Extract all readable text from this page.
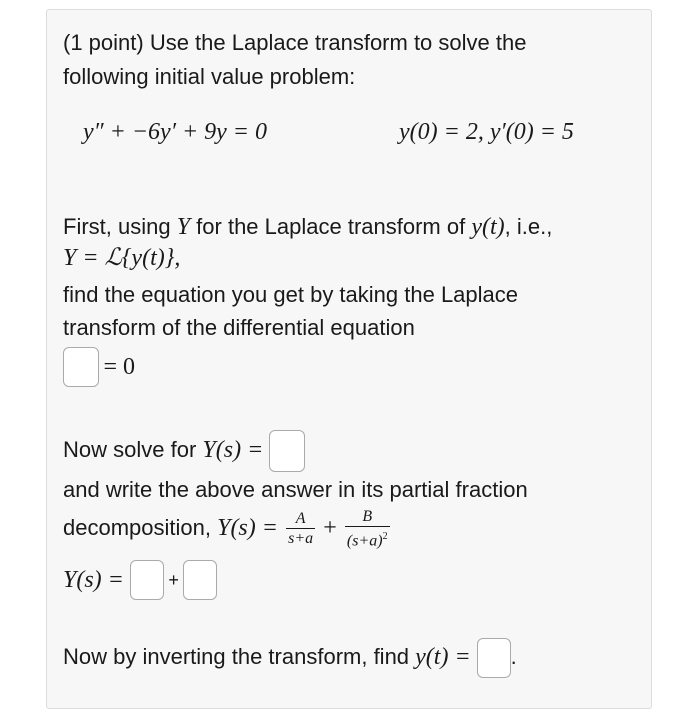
(1 point) Use the Laplace transform to solve the
following initial value problem:
y″ + −6y′ + 9y = 0	y(0) = 2, y′(0) = 5
First, using Y for the Laplace transform of y(t), i.e.,
Y = ℒ{y(t)},
find the equation you get by taking the Laplace
transform of the differential equation
= 0
Now solve for Y(s) =
and write the above answer in its partial fraction
decomposition, $Y(s) = \frac{A}{s+a} + \frac{B}{(s+a)^2}$
Y(s) = +
Now by inverting the transform, find y(t) = .
